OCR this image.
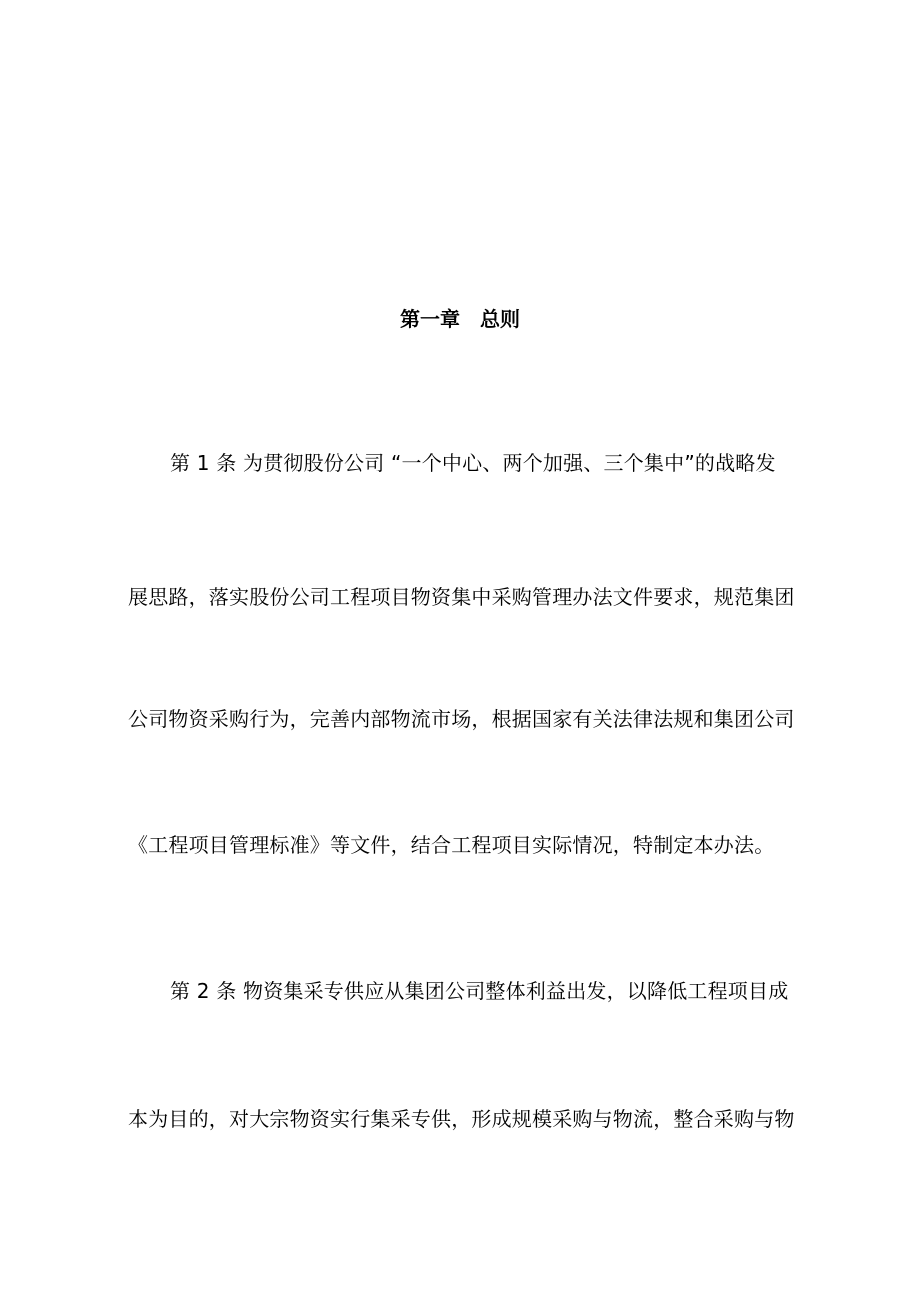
第一章　总则
第 1 条 为贯彻股份公司 “一个中心、两个加强、三个集中”的战略发
展思路，落实股份公司工程项目物资集中采购管理办法文件要求，规范集团
公司物资采购行为，完善内部物流市场，根据国家有关法律法规和集团公司
《工程项目管理标准》等文件，结合工程项目实际情况，特制定本办法。
第 2 条 物资集采专供应从集团公司整体利益出发，以降低工程项目成
本为目的，对大宗物资实行集采专供，形成规模采购与物流，整合采购与物
